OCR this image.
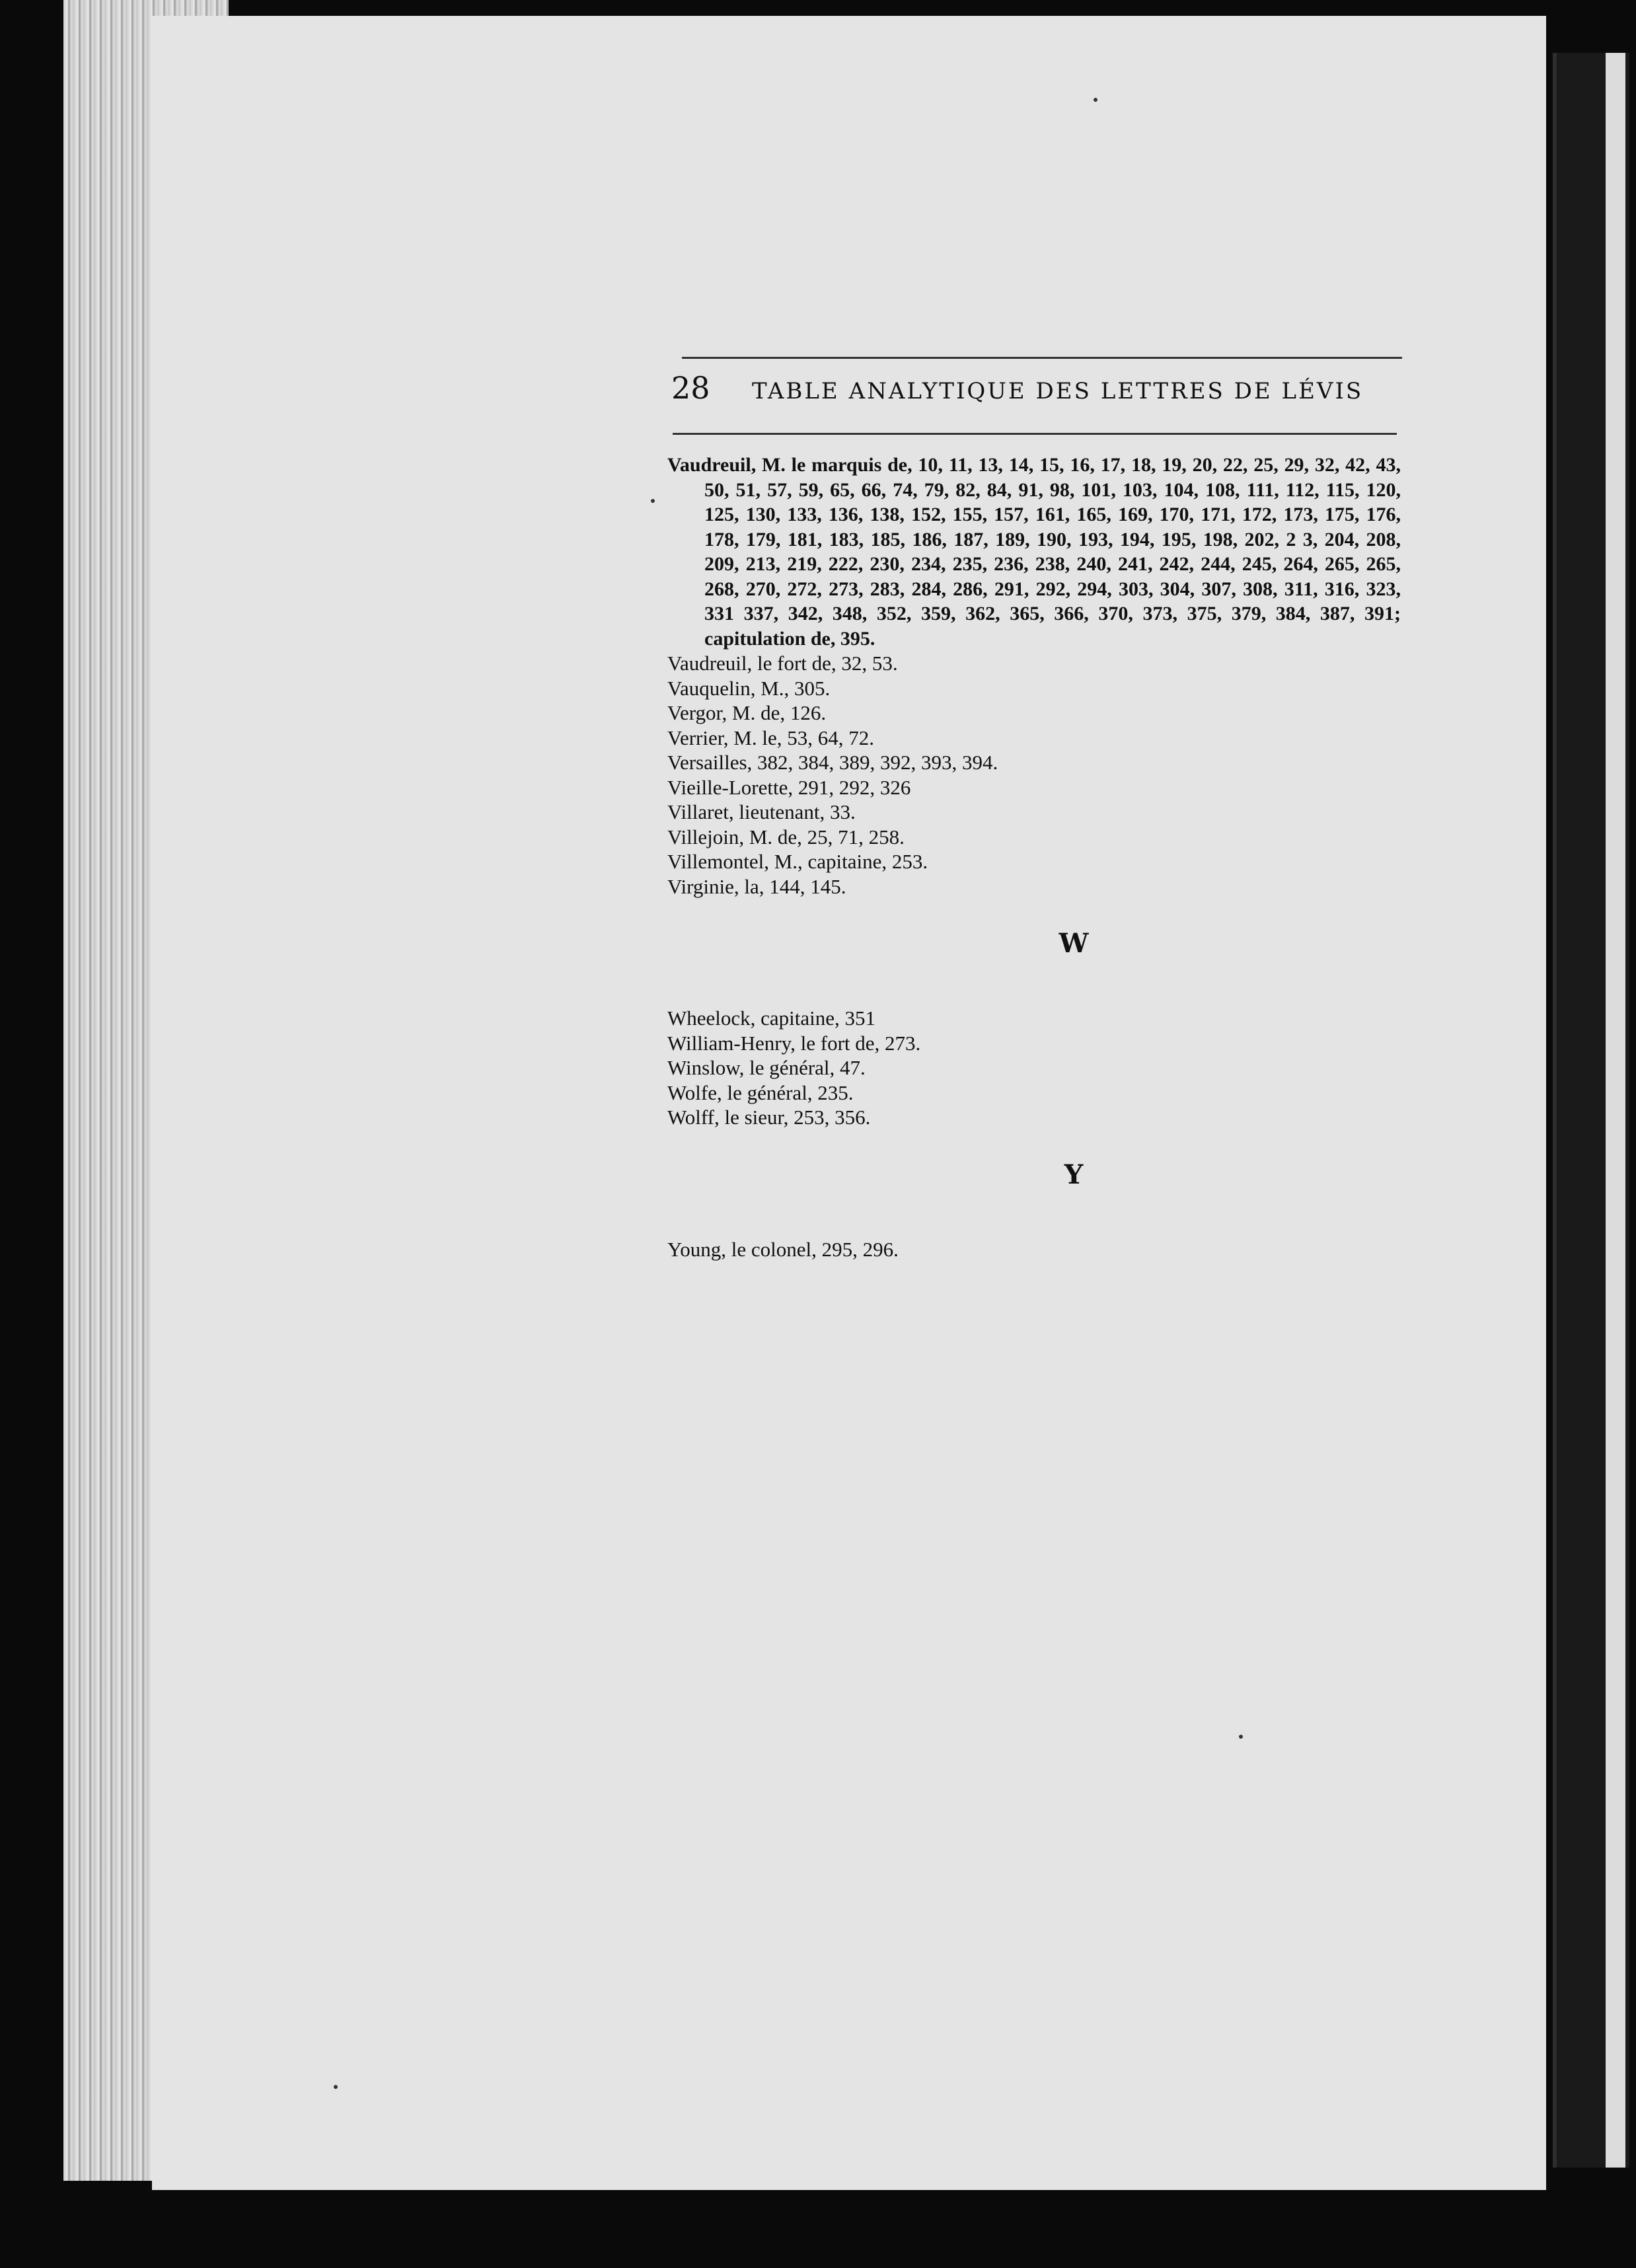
28 TABLE ANALYTIQUE DES LETTRES DE LÉVIS

Vaudreuil, M. le marquis de, 10, 11, 13, 14, 15, 16, 17, 18, 19, 20, 22, 25, 29, 32, 42, 43, 50, 51, 57, 59, 65, 66, 74, 79, 82, 84, 91, 98, 101, 103, 104, 108, 111, 112, 115, 120, 125, 130, 133, 136, 138, 152, 155, 157, 161, 165, 169, 170, 171, 172, 173, 175, 176, 178, 179, 181, 183, 185, 186, 187, 189, 190, 193, 194, 195, 198, 202, 2 3, 204, 208, 209, 213, 219, 222, 230, 234, 235, 236, 238, 240, 241, 242, 244, 245, 264, 265, 265, 268, 270, 272, 273, 283, 284, 286, 291, 292, 294, 303, 304, 307, 308, 311, 316, 323, 331 337, 342, 348, 352, 359, 362, 365, 366, 370, 373, 375, 379, 384, 387, 391; capitulation de, 395.

Vaudreuil, le fort de, 32, 53.

Vauquelin, M., 305.

Vergor, M. de, 126.

Verrier, M. le, 53, 64, 72.

Versailles, 382, 384, 389, 392, 393, 394.

Vieille-Lorette, 291, 292, 326

Villaret, lieutenant, 33.

Villejoin, M. de, 25, 71, 258.

Villemontel, M., capitaine, 253.

Virginie, la, 144, 145.

W

Wheelock, capitaine, 351

William-Henry, le fort de, 273.

Winslow, le général, 47.

Wolfe, le général, 235.

Wolff, le sieur, 253, 356.

Y

Young, le colonel, 295, 296.
